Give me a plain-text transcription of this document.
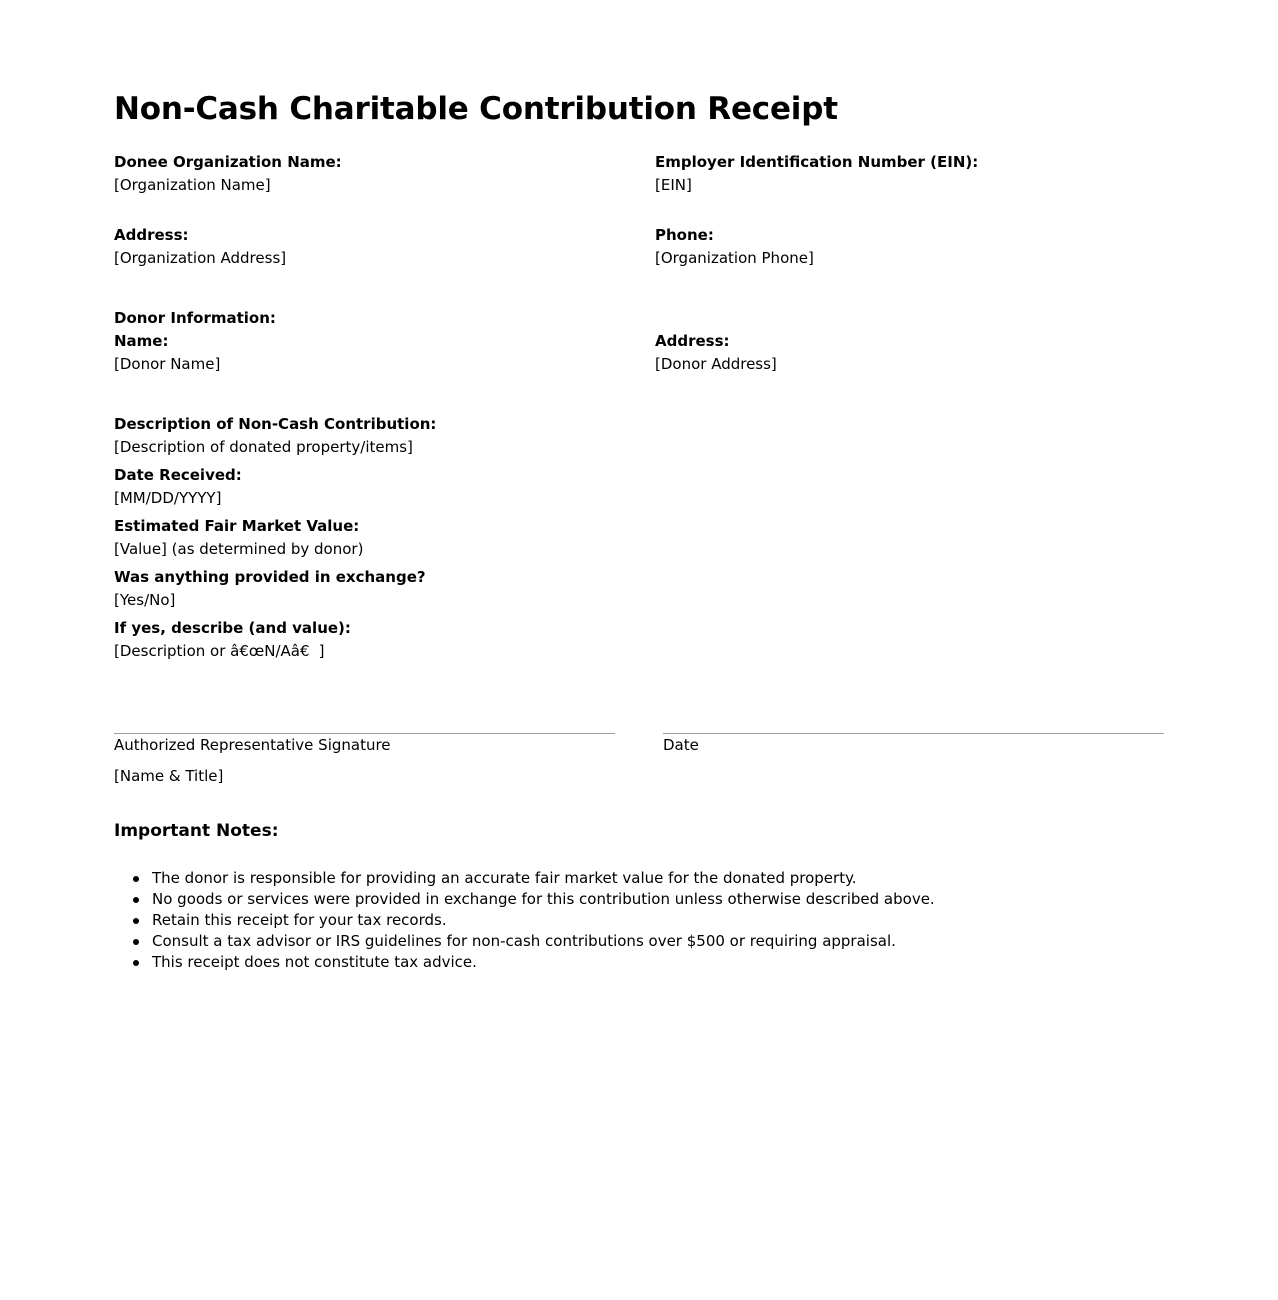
Non-Cash Charitable Contribution Receipt
Donee Organization Name:
[Organization Name]
Employer Identification Number (EIN):
[EIN]
Address:
[Organization Address]
Phone:
[Organization Phone]
Donor Information:
Name:
[Donor Name]
Address:
[Donor Address]
Description of Non-Cash Contribution:
[Description of donated property/items]
Date Received:
[MM/DD/YYYY]
Estimated Fair Market Value:
[Value] (as determined by donor)
Was anything provided in exchange?
[Yes/No]
If yes, describe (and value):
[Description or â€œN/Aâ€]
Authorized Representative Signature	Date
[Name & Title]
Important Notes:
The donor is responsible for providing an accurate fair market value for the donated property.
No goods or services were provided in exchange for this contribution unless otherwise described above.
Retain this receipt for your tax records.
Consult a tax advisor or IRS guidelines for non-cash contributions over $500 or requiring appraisal.
This receipt does not constitute tax advice.
